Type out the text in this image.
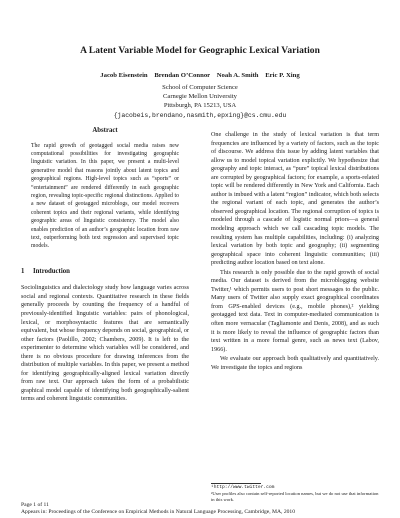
A Latent Variable Model for Geographic Lexical Variation
Jacob Eisenstein    Brendan O’Connor    Noah A. Smith    Eric P. Xing
School of Computer Science
Carnegie Mellon University
Pittsburgh, PA 15213, USA
{jacobeis,brendano,nasmith,epxing}@cs.cmu.edu
Abstract
The rapid growth of geotagged social media raises new computational possibilities for investigating geographic linguistic variation. In this paper, we present a multi-level generative model that reasons jointly about latent topics and geographical regions. High-level topics such as “sports” or “entertainment” are rendered differently in each geographic region, revealing topic-specific regional distinctions. Applied to a new dataset of geotagged microblogs, our model recovers coherent topics and their regional variants, while identifying geographic areas of linguistic consistency. The model also enables prediction of an author’s geographic location from raw text, outperforming both text regression and supervised topic models.
1 Introduction

Sociolinguistics and dialectology study how language varies across social and regional contexts. Quantitative research in these fields generally proceeds by counting the frequency of a handful of previously-identified linguistic variables: pairs of phonological, lexical, or morphosyntactic features that are semantically equivalent, but whose frequency depends on social, geographical, or other factors (Paolillo, 2002; Chambers, 2009). It is left to the experimenter to determine which variables will be considered, and there is no obvious procedure for drawing inferences from the distribution of multiple variables. In this paper, we present a method for identifying geographically-aligned lexical variation directly from raw text. Our approach takes the form of a probabilistic graphical model capable of identifying both geographically-salient terms and coherent linguistic communities.

One challenge in the study of lexical variation is that term frequencies are influenced by a variety of factors, such as the topic of discourse. We address this issue by adding latent variables that allow us to model topical variation explicitly. We hypothesize that geography and topic interact, as “pure” topical lexical distributions are corrupted by geographical factors; for example, a sports-related topic will be rendered differently in New York and California. Each author is imbued with a latent “region” indicator, which both selects the regional variant of each topic, and generates the author’s observed geographical location. The regional corruption of topics is modeled through a cascade of logistic normal priors—a general modeling approach which we call cascading topic models. The resulting system has multiple capabilities, including: (i) analyzing lexical variation by both topic and geography; (ii) segmenting geographical space into coherent linguistic communities; (iii) predicting author location based on text alone.

This research is only possible due to the rapid growth of social media. Our dataset is derived from the microblogging website Twitter,¹ which permits users to post short messages to the public. Many users of Twitter also supply exact geographical coordinates from GPS-enabled devices (e.g., mobile phones),² yielding geotagged text data. Text in computer-mediated communication is often more vernacular (Tagliamonte and Denis, 2008), and as such it is more likely to reveal the influence of geographic factors than text written in a more formal genre, such as news text (Labov, 1966).

We evaluate our approach both qualitatively and quantitatively. We investigate the topics and regions

¹http://www.twitter.com
²User profiles also contain self-reported location names, but we do not use that information in this work.
Page 1 of 11
Appears in: Proceedings of the Conference on Empirical Methods in Natural Language Processing, Cambridge, MA, 2010
